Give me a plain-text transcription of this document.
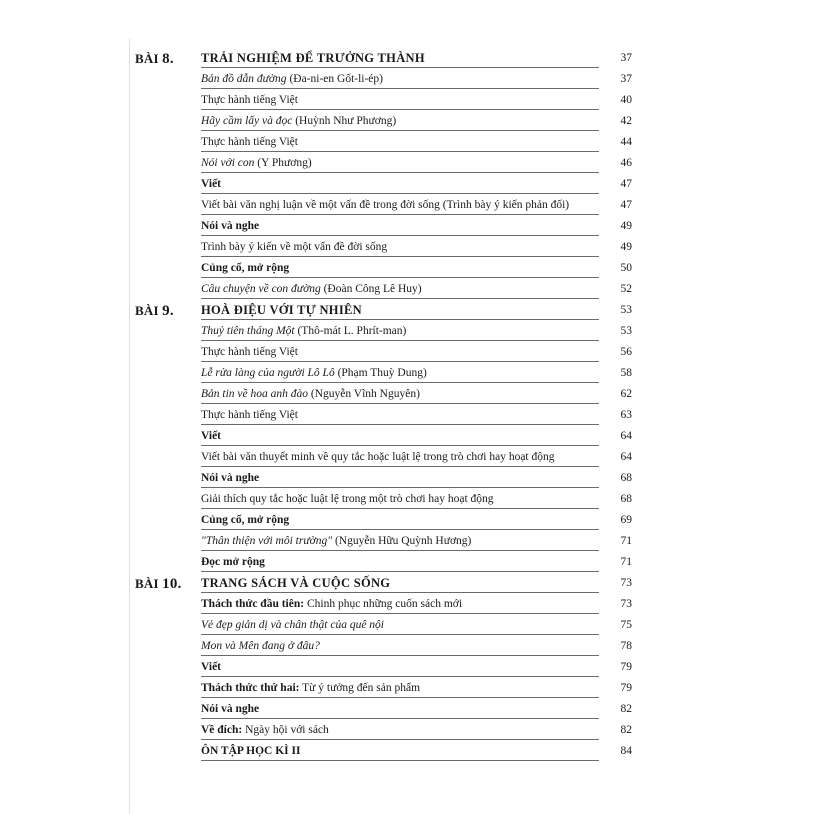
BÀI 8. TRẢI NGHIỆM ĐỂ TRƯỞNG THÀNH	37
Bản đồ dẫn đường (Đa-ni-en Gốt-li-ép)	37
Thực hành tiếng Việt	40
Hãy cầm lấy và đọc (Huỳnh Như Phương)	42
Thực hành tiếng Việt	44
Nói với con (Y Phương)	46
Viết	47
Viết bài văn nghị luận về một vấn đề trong đời sống (Trình bày ý kiến phản đối)	47
Nói và nghe	49
Trình bày ý kiến về một vấn đề đời sống	49
Củng cố, mở rộng	50
Câu chuyện về con đường (Đoàn Công Lê Huy)	52
BÀI 9. HOÀ ĐIỆU VỚI TỰ NHIÊN	53
Thuỷ tiên tháng Một (Thô-mát L. Phrít-man)	53
Thực hành tiếng Việt	56
Lễ rửa làng của người Lô Lô (Phạm Thuỳ Dung)	58
Bản tin về hoa anh đào (Nguyễn Vĩnh Nguyên)	62
Thực hành tiếng Việt	63
Viết	64
Viết bài văn thuyết minh về quy tắc hoặc luật lệ trong trò chơi hay hoạt động	64
Nói và nghe	68
Giải thích quy tắc hoặc luật lệ trong một trò chơi hay hoạt động	68
Củng cố, mở rộng	69
"Thân thiện với môi trường" (Nguyễn Hữu Quỳnh Hương)	71
Đọc mở rộng	71
BÀI 10. TRANG SÁCH VÀ CUỘC SỐNG	73
Thách thức đầu tiên: Chinh phục những cuốn sách mới	73
Vẻ đẹp giản dị và chân thật của quê nội	75
Mon và Mên đang ở đâu?	78
Viết	79
Thách thức thứ hai: Từ ý tưởng đến sản phẩm	79
Nói và nghe	82
Về đích: Ngày hội với sách	82
ÔN TẬP HỌC KÌ II	84
